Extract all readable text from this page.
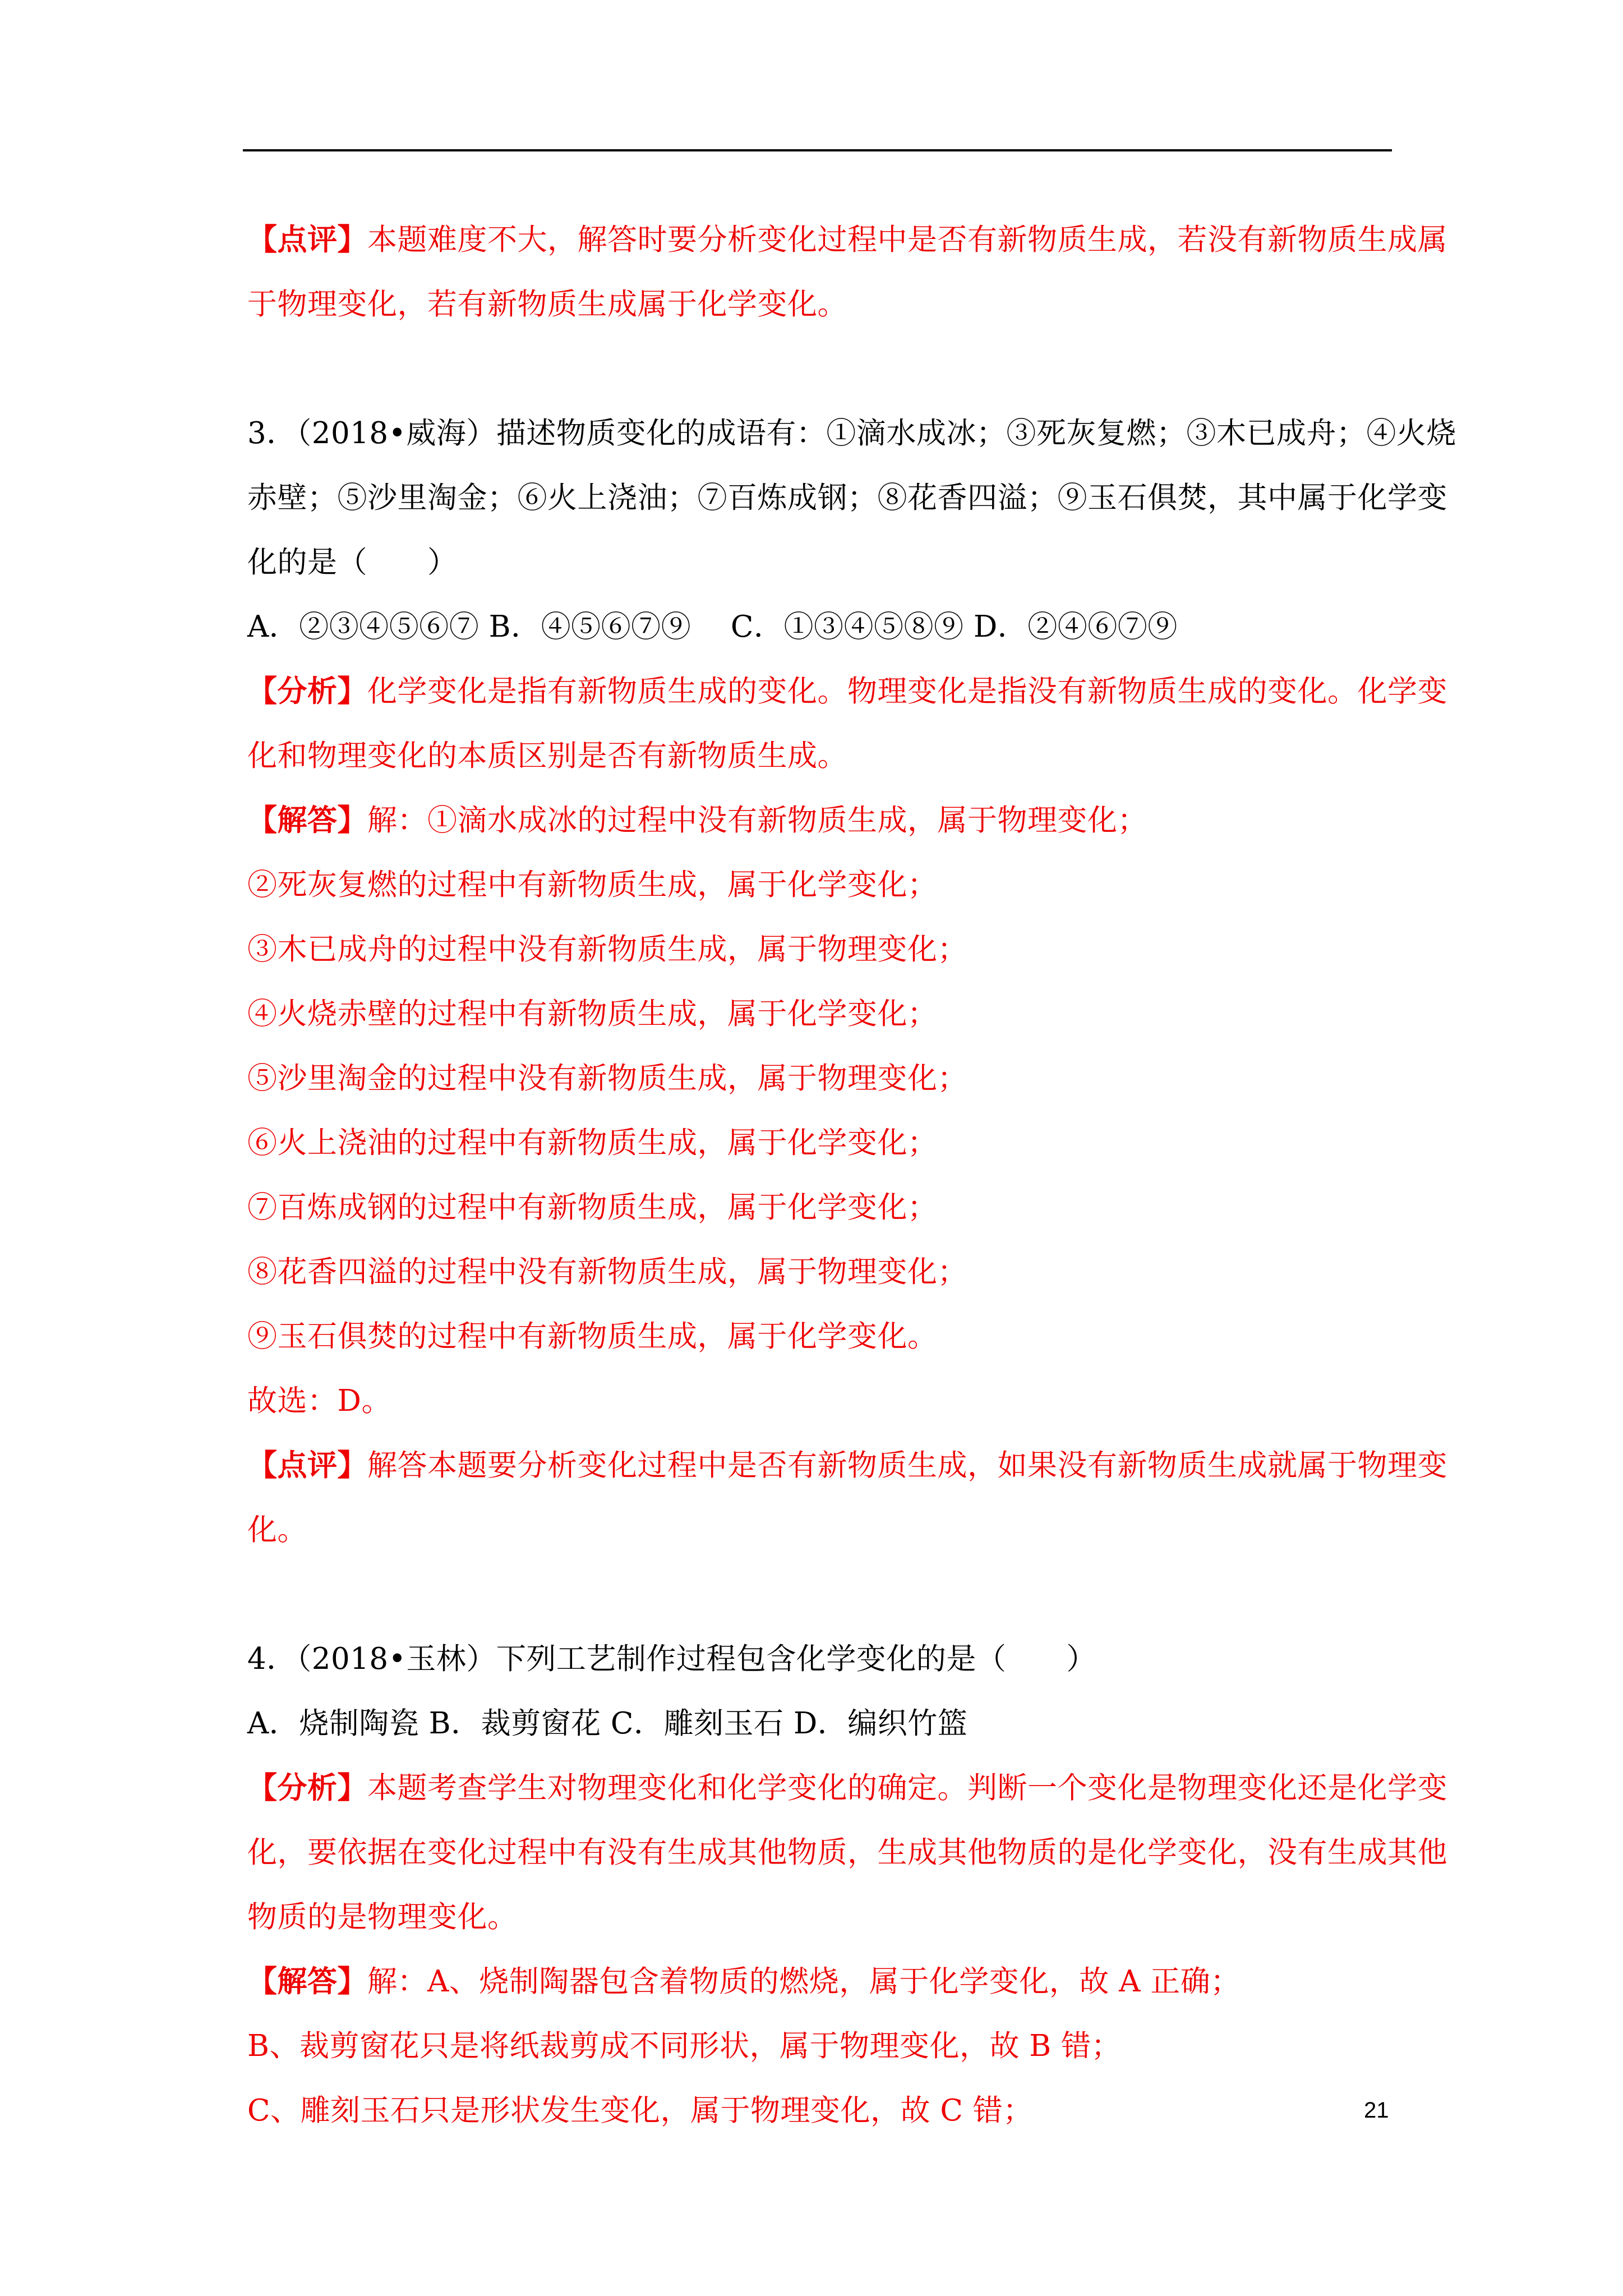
【点评】本题难度不大，解答时要分析变化过程中是否有新物质生成，若没有新物质生成属
于物理变化，若有新物质生成属于化学变化。
3．（2018•威海）描述物质变化的成语有：①滴水成冰；③死灰复燃；③木已成舟；④火烧
赤壁；⑤沙里淘金；⑥火上浇油；⑦百炼成钢；⑧花香四溢；⑨玉石俱焚，其中属于化学变
化的是（　　）
A．②③④⑤⑥⑦ B．④⑤⑥⑦⑨　 C．①③④⑤⑧⑨ D．②④⑥⑦⑨
【分析】化学变化是指有新物质生成的变化。物理变化是指没有新物质生成的变化。化学变
化和物理变化的本质区别是否有新物质生成。
【解答】解：①滴水成冰的过程中没有新物质生成，属于物理变化；
②死灰复燃的过程中有新物质生成，属于化学变化；
③木已成舟的过程中没有新物质生成，属于物理变化；
④火烧赤壁的过程中有新物质生成，属于化学变化；
⑤沙里淘金的过程中没有新物质生成，属于物理变化；
⑥火上浇油的过程中有新物质生成，属于化学变化；
⑦百炼成钢的过程中有新物质生成，属于化学变化；
⑧花香四溢的过程中没有新物质生成，属于物理变化；
⑨玉石俱焚的过程中有新物质生成，属于化学变化。
故选：D。
【点评】解答本题要分析变化过程中是否有新物质生成，如果没有新物质生成就属于物理变
化。
4．（2018•玉林）下列工艺制作过程包含化学变化的是（　　）
A．烧制陶瓷 B．裁剪窗花 C．雕刻玉石 D．编织竹篮
【分析】本题考查学生对物理变化和化学变化的确定。判断一个变化是物理变化还是化学变
化，要依据在变化过程中有没有生成其他物质，生成其他物质的是化学变化，没有生成其他
物质的是物理变化。
【解答】解：A、烧制陶器包含着物质的燃烧，属于化学变化，故 A 正确；
B、裁剪窗花只是将纸裁剪成不同形状，属于物理变化，故 B 错；
C、雕刻玉石只是形状发生变化，属于物理变化，故 C 错；	21
